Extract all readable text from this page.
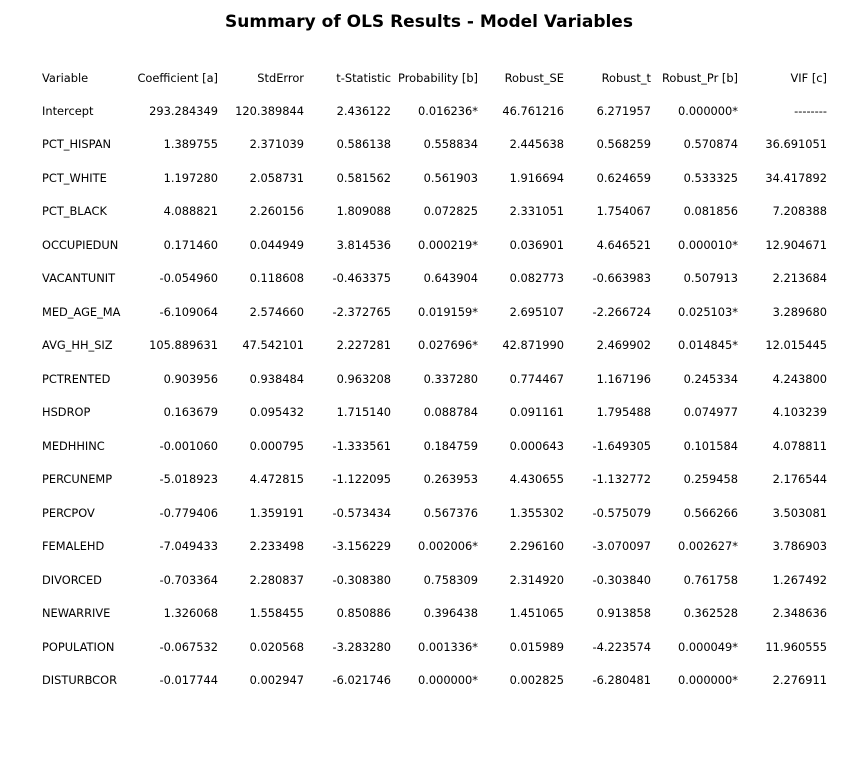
Summary of OLS Results - Model Variables
Variable	Coefficient [a]	StdError	t-Statistic	Probability [b]	Robust_SE	Robust_t	Robust_Pr [b]	VIF [c]
Intercept	293.284349	120.389844	2.436122	0.016236*	46.761216	6.271957	0.000000*	--------
PCT_HISPAN	1.389755	2.371039	0.586138	0.558834	2.445638	0.568259	0.570874	36.691051
PCT_WHITE	1.197280	2.058731	0.581562	0.561903	1.916694	0.624659	0.533325	34.417892
PCT_BLACK	4.088821	2.260156	1.809088	0.072825	2.331051	1.754067	0.081856	7.208388
OCCUPIEDUN	0.171460	0.044949	3.814536	0.000219*	0.036901	4.646521	0.000010*	12.904671
VACANTUNIT	-0.054960	0.118608	-0.463375	0.643904	0.082773	-0.663983	0.507913	2.213684
MED_AGE_MA	-6.109064	2.574660	-2.372765	0.019159*	2.695107	-2.266724	0.025103*	3.289680
AVG_HH_SIZ	105.889631	47.542101	2.227281	0.027696*	42.871990	2.469902	0.014845*	12.015445
PCTRENTED	0.903956	0.938484	0.963208	0.337280	0.774467	1.167196	0.245334	4.243800
HSDROP	0.163679	0.095432	1.715140	0.088784	0.091161	1.795488	0.074977	4.103239
MEDHHINC	-0.001060	0.000795	-1.333561	0.184759	0.000643	-1.649305	0.101584	4.078811
PERCUNEMP	-5.018923	4.472815	-1.122095	0.263953	4.430655	-1.132772	0.259458	2.176544
PERCPOV	-0.779406	1.359191	-0.573434	0.567376	1.355302	-0.575079	0.566266	3.503081
FEMALEHD	-7.049433	2.233498	-3.156229	0.002006*	2.296160	-3.070097	0.002627*	3.786903
DIVORCED	-0.703364	2.280837	-0.308380	0.758309	2.314920	-0.303840	0.761758	1.267492
NEWARRIVE	1.326068	1.558455	0.850886	0.396438	1.451065	0.913858	0.362528	2.348636
POPULATION	-0.067532	0.020568	-3.283280	0.001336*	0.015989	-4.223574	0.000049*	11.960555
DISTURBCOR	-0.017744	0.002947	-6.021746	0.000000*	0.002825	-6.280481	0.000000*	2.276911
